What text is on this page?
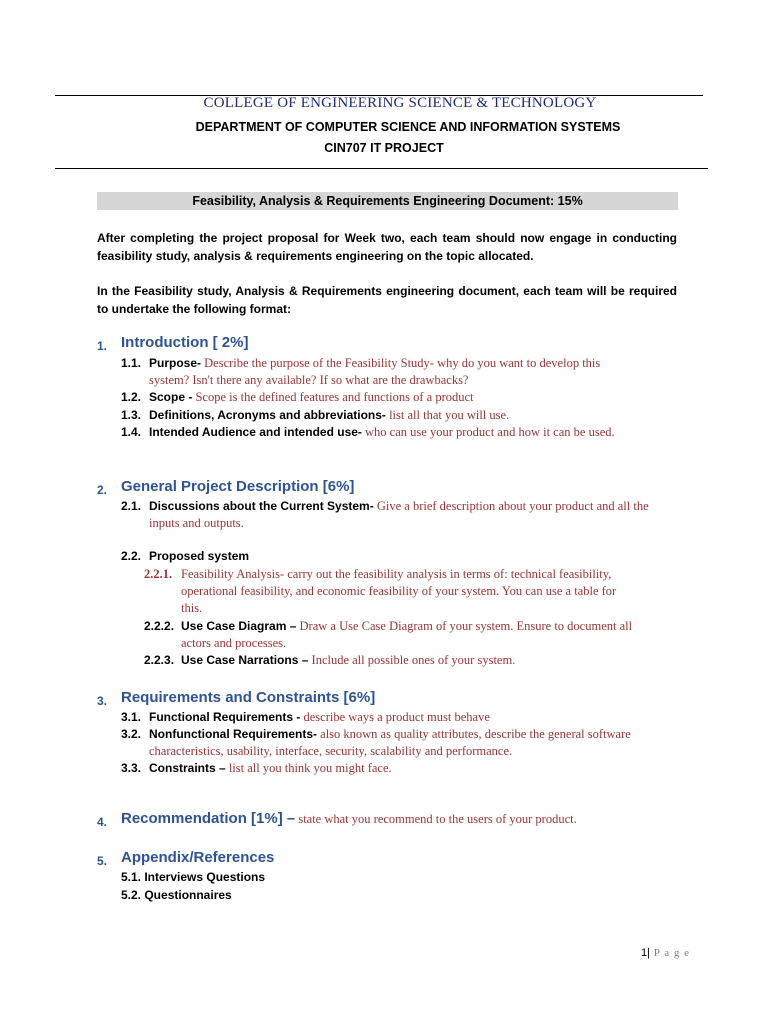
COLLEGE OF ENGINEERING SCIENCE & TECHNOLOGY
DEPARTMENT OF COMPUTER SCIENCE AND INFORMATION SYSTEMS
CIN707 IT PROJECT
Feasibility, Analysis & Requirements Engineering Document: 15%
After completing the project proposal for Week two, each team should now engage in conducting feasibility study, analysis & requirements engineering on the topic allocated.
In the Feasibility study, Analysis & Requirements engineering document, each team will be required to undertake the following format:
1. Introduction [ 2%]
1.1. Purpose- Describe the purpose of the Feasibility Study- why do you want to develop this
system? Isn't there any available? If so what are the drawbacks?
1.2. Scope - Scope is the defined features and functions of a product
1.3. Definitions, Acronyms and abbreviations- list all that you will use.
1.4. Intended Audience and intended use- who can use your product and how it can be used.
2. General Project Description [6%]
2.1. Discussions about the Current System- Give a brief description about your product and all the
inputs and outputs.
2.2. Proposed system
2.2.1. Feasibility Analysis- carry out the feasibility analysis in terms of: technical feasibility,
operational feasibility, and economic feasibility of your system. You can use a table for
this.
2.2.2. Use Case Diagram – Draw a Use Case Diagram of your system. Ensure to document all
actors and processes.
2.2.3. Use Case Narrations – Include all possible ones of your system.
3. Requirements and Constraints [6%]
3.1. Functional Requirements - describe ways a product must behave
3.2. Nonfunctional Requirements- also known as quality attributes, describe the general software
characteristics, usability, interface, security, scalability and performance.
3.3. Constraints – list all you think you might face.
4. Recommendation [1%] – state what you recommend to the users of your product.
5. Appendix/References
5.1. Interviews Questions
5.2. Questionnaires
1| P a g e
